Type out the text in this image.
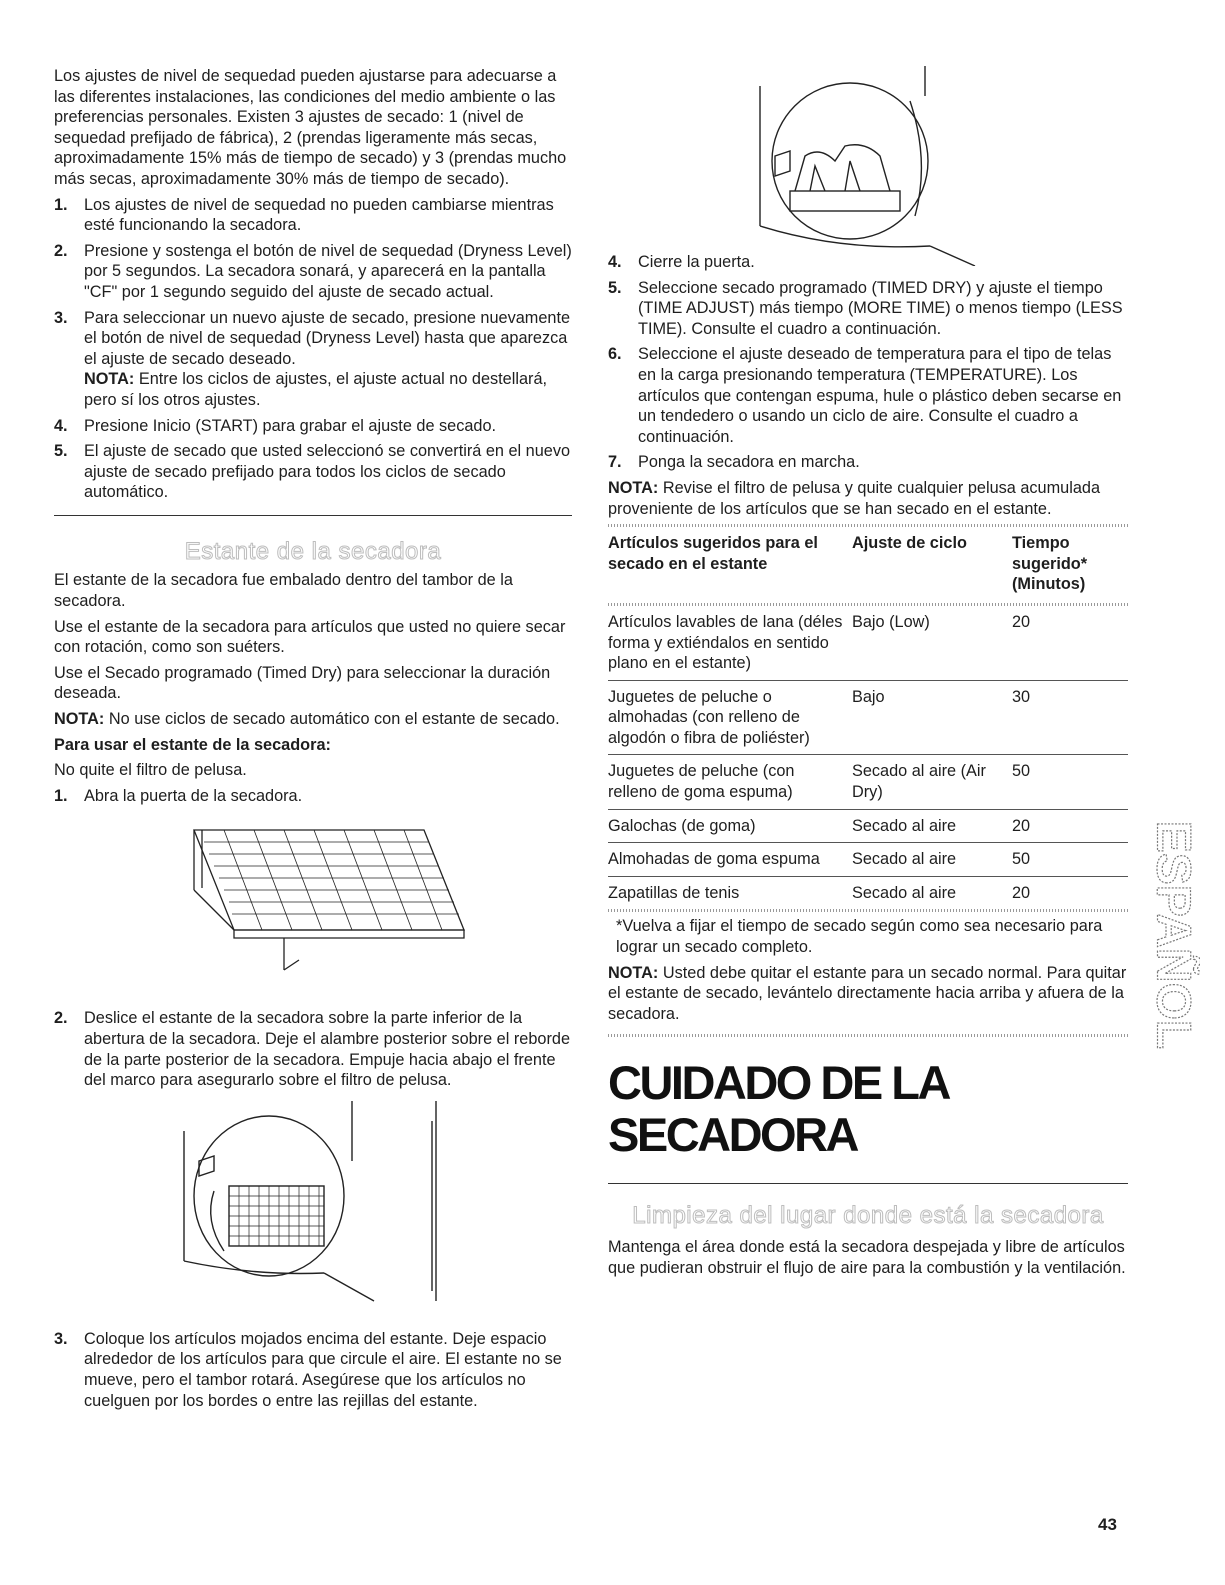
Los ajustes de nivel de sequedad pueden ajustarse para adecuarse a las diferentes instalaciones, las condiciones del medio ambiente o las preferencias personales. Existen 3 ajustes de secado: 1 (nivel de sequedad prefijado de fábrica), 2 (prendas ligeramente más secas, aproximadamente 15% más de tiempo de secado) y 3 (prendas mucho más secas, aproximadamente 30% más de tiempo de secado).

1. Los ajustes de nivel de sequedad no pueden cambiarse mientras esté funcionando la secadora.
2. Presione y sostenga el botón de nivel de sequedad (Dryness Level) por 5 segundos. La secadora sonará, y aparecerá en la pantalla "CF" por 1 segundo seguido del ajuste de secado actual.
3. Para seleccionar un nuevo ajuste de secado, presione nuevamente el botón de nivel de sequedad (Dryness Level) hasta que aparezca el ajuste de secado deseado.
NOTA: Entre los ciclos de ajustes, el ajuste actual no destellará, pero sí los otros ajustes.
4. Presione Inicio (START) para grabar el ajuste de secado.
5. El ajuste de secado que usted seleccionó se convertirá en el nuevo ajuste de secado prefijado para todos los ciclos de secado automático.
Estante de la secadora

El estante de la secadora fue embalado dentro del tambor de la secadora.

Use el estante de la secadora para artículos que usted no quiere secar con rotación, como son suéters.

Use el Secado programado (Timed Dry) para seleccionar la duración deseada.

NOTA: No use ciclos de secado automático con el estante de secado.

Para usar el estante de la secadora:

No quite el filtro de pelusa.

1. Abra la puerta de la secadora.
2. Deslice el estante de la secadora sobre la parte inferior de la abertura de la secadora. Deje el alambre posterior sobre el reborde de la parte posterior de la secadora. Empuje hacia abajo el frente del marco para asegurarlo sobre el filtro de pelusa.
3. Coloque los artículos mojados encima del estante. Deje espacio alrededor de los artículos para que circule el aire. El estante no se mueve, pero el tambor rotará. Asegúrese que los artículos no cuelguen por los bordes o entre las rejillas del estante.
4. Cierre la puerta.
5. Seleccione secado programado (TIMED DRY) y ajuste el tiempo (TIME ADJUST) más tiempo (MORE TIME) o menos tiempo (LESS TIME). Consulte el cuadro a continuación.
6. Seleccione el ajuste deseado de temperatura para el tipo de telas en la carga presionando temperatura (TEMPERATURE). Los artículos que contengan espuma, hule o plástico deben secarse en un tendedero o usando un ciclo de aire. Consulte el cuadro a continuación.
7. Ponga la secadora en marcha.

NOTA: Revise el filtro de pelusa y quite cualquier pelusa acumulada proveniente de los artículos que se han secado en el estante.

Artículos sugeridos para el secado en el estante	Ajuste de ciclo	Tiempo sugerido* (Minutos)

Artículos lavables de lana (déles forma y extiéndalos en sentido plano en el estante)	Bajo (Low)	20
Juguetes de peluche o almohadas (con relleno de algodón o fibra de poliéster)	Bajo	30
Juguetes de peluche (con relleno de goma espuma)	Secado al aire (Air Dry)	50
Galochas (de goma)	Secado al aire	20
Almohadas de goma espuma	Secado al aire	50
Zapatillas de tenis	Secado al aire	20
*Vuelva a fijar el tiempo de secado según como sea necesario para lograr un secado completo.

NOTA: Usted debe quitar el estante para un secado normal. Para quitar el estante de secado, levántelo directamente hacia arriba y afuera de la secadora.

CUIDADO DE LA SECADORA
Limpieza del lugar donde está la secadora

Mantenga el área donde está la secadora despejada y libre de artículos que pudieran obstruir el flujo de aire para la combustión y la ventilación.

ESPAÑOL
43
